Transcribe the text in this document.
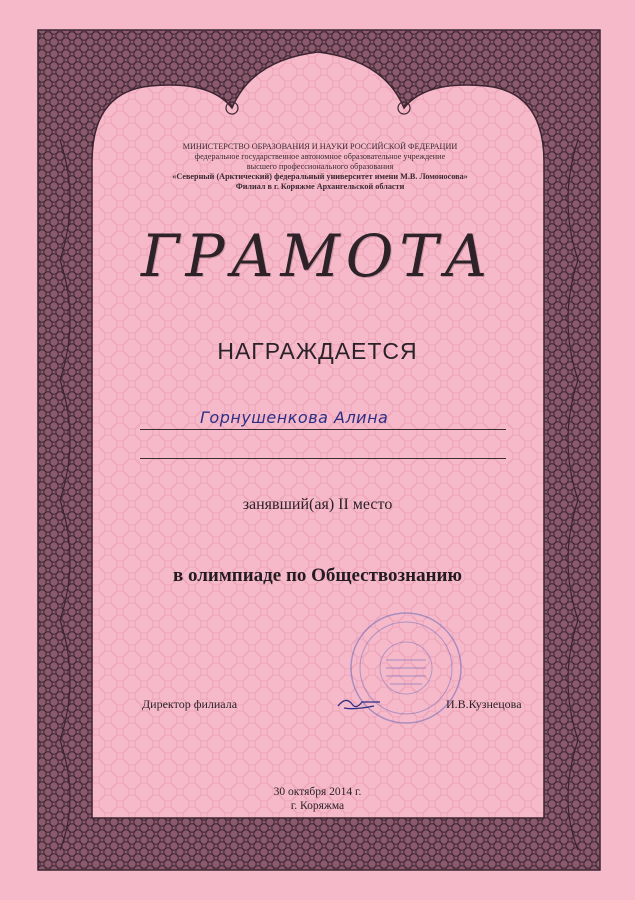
МИНИСТЕРСТВО ОБРАЗОВАНИЯ И НАУКИ РОССИЙСКОЙ ФЕДЕРАЦИИ
федеральное государственное автономное образовательное учреждение
высшего профессионального образования
«Северный (Арктический) федеральный университет имени М.В. Ломоносова»
Филиал в г. Коряжме Архангельской области
ГРАМОТА
НАГРАЖДАЕТСЯ
Горнушенкова Алина
занявший(ая) II место
в олимпиаде по Обществознанию
Директор филиала	И.В.Кузнецова
30 октября 2014 г.
г. Коряжма
